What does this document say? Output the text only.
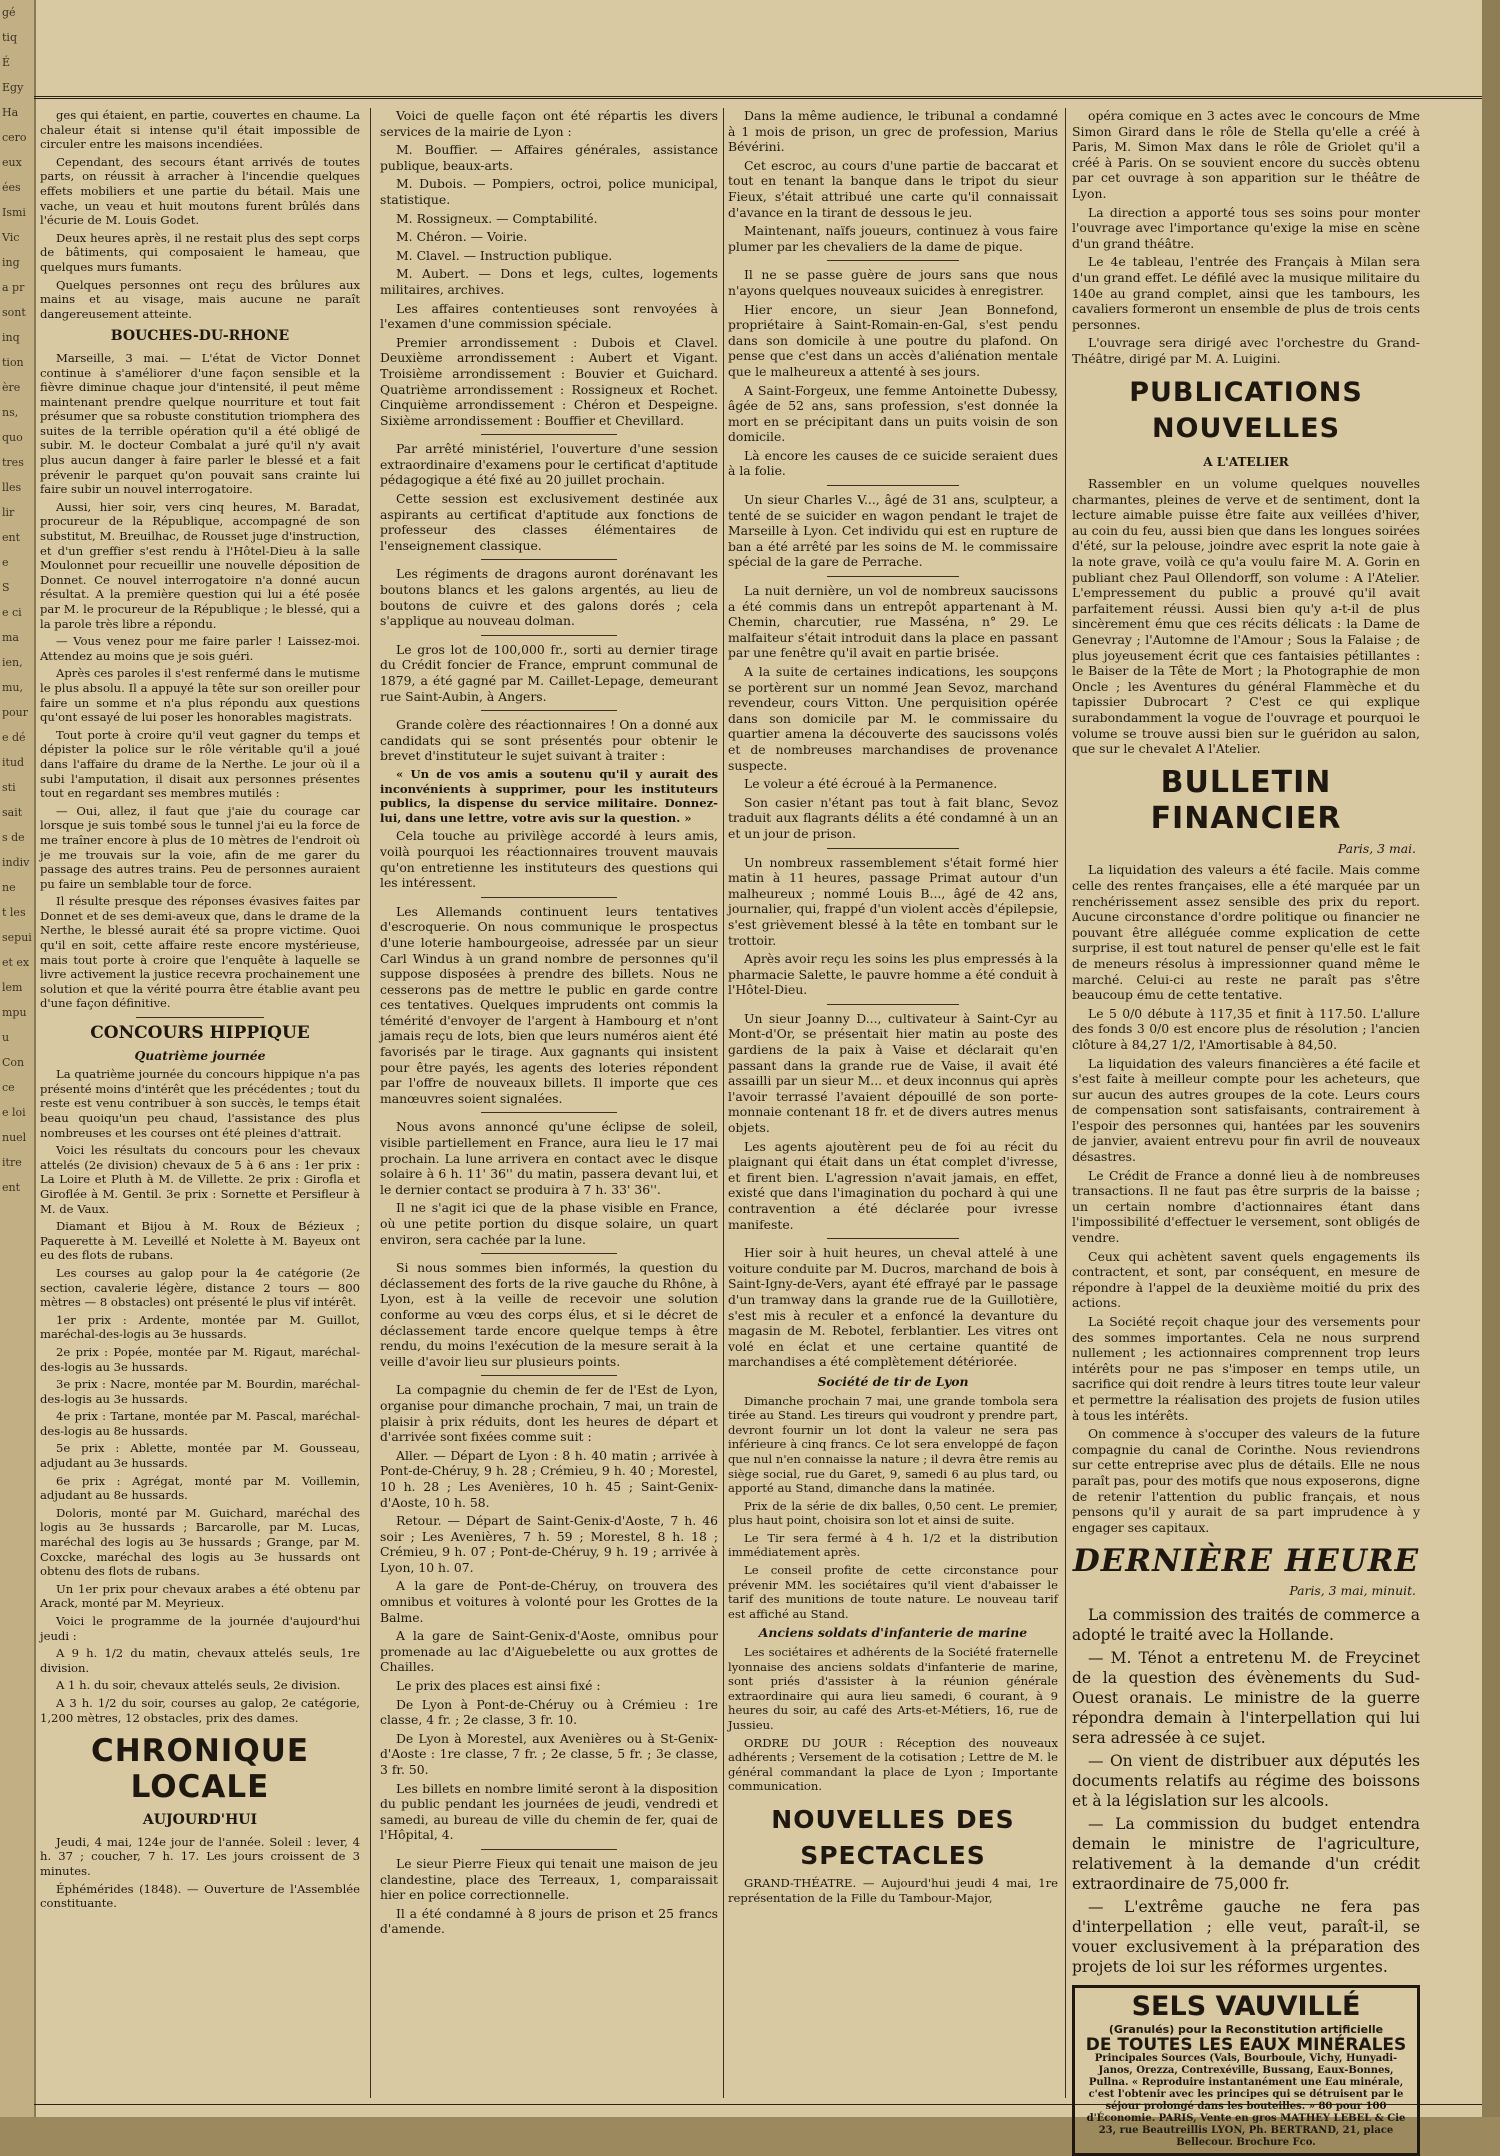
gé
tiq
É
Egy
Ha
cero
eux
ées
Ismi
Vic
ing
a pr
sont
inq
tion
ère
ns,
quo
tres
lles
lir
ent
e
S
e ci
ma
ien,
mu,
pour
e dé
itud
sti
sait
s de
indiv
ne
t les
sepui
et ex
lem
mpu
u
Con
ce
e loi
nuel
itre
ent

ges qui étaient, en partie, couvertes en chaume. La chaleur était si intense qu'il était impossible de circuler entre les maisons incendiées.

Cependant, des secours étant arrivés de toutes parts, on réussit à arracher à l'incendie quelques effets mobiliers et une partie du bétail. Mais une vache, un veau et huit moutons furent brûlés dans l'écurie de M. Louis Godet.

Deux heures après, il ne restait plus des sept corps de bâtiments, qui composaient le hameau, que quelques murs fumants.

Quelques personnes ont reçu des brûlures aux mains et au visage, mais aucune ne paraît dangereusement atteinte.

BOUCHES-DU-RHONE

Marseille, 3 mai. — L'état de Victor Donnet continue à s'améliorer d'une façon sensible et la fièvre diminue chaque jour d'intensité, il peut même maintenant prendre quelque nourriture et tout fait présumer que sa robuste constitution triomphera des suites de la terrible opération qu'il a été obligé de subir. M. le docteur Combalat a juré qu'il n'y avait plus aucun danger à faire parler le blessé et a fait prévenir le parquet qu'on pouvait sans crainte lui faire subir un nouvel interrogatoire.

Aussi, hier soir, vers cinq heures, M. Baradat, procureur de la République, accompagné de son substitut, M. Breuilhac, de Rousset juge d'instruction, et d'un greffier s'est rendu à l'Hôtel-Dieu à la salle Moulonnet pour recueillir une nouvelle déposition de Donnet. Ce nouvel interrogatoire n'a donné aucun résultat. A la première question qui lui a été posée par M. le procureur de la République ; le blessé, qui a la parole très libre a répondu.

— Vous venez pour me faire parler ! Laissez-moi. Attendez au moins que je sois guéri.

Après ces paroles il s'est renfermé dans le mutisme le plus absolu. Il a appuyé la tête sur son oreiller pour faire un somme et n'a plus répondu aux questions qu'ont essayé de lui poser les honorables magistrats.

Tout porte à croire qu'il veut gagner du temps et dépister la police sur le rôle véritable qu'il a joué dans l'affaire du drame de la Nerthe. Le jour où il a subi l'amputation, il disait aux personnes présentes tout en regardant ses membres mutilés :

— Oui, allez, il faut que j'aie du courage car lorsque je suis tombé sous le tunnel j'ai eu la force de me traîner encore à plus de 10 mètres de l'endroit où je me trouvais sur la voie, afin de me garer du passage des autres trains. Peu de personnes auraient pu faire un semblable tour de force.

Il résulte presque des réponses évasives faites par Donnet et de ses demi-aveux que, dans le drame de la Nerthe, le blessé aurait été sa propre victime. Quoi qu'il en soit, cette affaire reste encore mystérieuse, mais tout porte à croire que l'enquête à laquelle se livre activement la justice recevra prochainement une solution et que la vérité pourra être établie avant peu d'une façon définitive.

CONCOURS HIPPIQUE
Quatrième journée

La quatrième journée du concours hippique n'a pas présenté moins d'intérêt que les précédentes ; tout du reste est venu contribuer à son succès, le temps était beau quoiqu'un peu chaud, l'assistance des plus nombreuses et les courses ont été pleines d'attrait.

Voici les résultats du concours pour les chevaux attelés (2e division) chevaux de 5 à 6 ans : 1er prix : La Loire et Pluth à M. de Villette. 2e prix : Girofla et Giroflée à M. Gentil. 3e prix : Sornette et Persifleur à M. de Vaux.

Diamant et Bijou à M. Roux de Bézieux ; Paquerette à M. Leveillé et Nolette à M. Bayeux ont eu des flots de rubans.

Les courses au galop pour la 4e catégorie (2e section, cavalerie légère, distance 2 tours — 800 mètres — 8 obstacles) ont présenté le plus vif intérêt.

1er prix : Ardente, montée par M. Guillot, maréchal-des-logis au 3e hussards.

2e prix : Popée, montée par M. Rigaut, maréchal-des-logis au 3e hussards.

3e prix : Nacre, montée par M. Bourdin, maréchal-des-logis au 3e hussards.

4e prix : Tartane, montée par M. Pascal, maréchal-des-logis au 8e hussards.

5e prix : Ablette, montée par M. Gousseau, adjudant au 3e hussards.

6e prix : Agrégat, monté par M. Voillemin, adjudant au 8e hussards.

Doloris, monté par M. Guichard, maréchal des logis au 3e hussards ; Barcarolle, par M. Lucas, maréchal des logis au 3e hussards ; Grange, par M. Coxcke, maréchal des logis au 3e hussards ont obtenu des flots de rubans.

Un 1er prix pour chevaux arabes a été obtenu par Arack, monté par M. Meyrieux.

Voici le programme de la journée d'aujourd'hui jeudi :

A 9 h. 1/2 du matin, chevaux attelés seuls, 1re division.

A 1 h. du soir, chevaux attelés seuls, 2e division.

A 3 h. 1/2 du soir, courses au galop, 2e catégorie, 1,200 mètres, 12 obstacles, prix des dames.

CHRONIQUE LOCALE
AUJOURD'HUI

Jeudi, 4 mai, 124e jour de l'année. Soleil : lever, 4 h. 37 ; coucher, 7 h. 17. Les jours croissent de 3 minutes.

Éphémérides (1848). — Ouverture de l'Assemblée constituante.

Voici de quelle façon ont été répartis les divers services de la mairie de Lyon :

M. Bouffier. — Affaires générales, assistance publique, beaux-arts.

M. Dubois. — Pompiers, octroi, police municipal, statistique.

M. Rossigneux. — Comptabilité.

M. Chéron. — Voirie.

M. Clavel. — Instruction publique.

M. Aubert. — Dons et legs, cultes, logements militaires, archives.

Les affaires contentieuses sont renvoyées à l'examen d'une commission spéciale.

Premier arrondissement : Dubois et Clavel. Deuxième arrondissement : Aubert et Vigant. Troisième arrondissement : Bouvier et Guichard. Quatrième arrondissement : Rossigneux et Rochet. Cinquième arrondissement : Chéron et Despeigne. Sixième arrondissement : Bouffier et Chevillard.

Par arrêté ministériel, l'ouverture d'une session extraordinaire d'examens pour le certificat d'aptitude pédagogique a été fixé au 20 juillet prochain.

Cette session est exclusivement destinée aux aspirants au certificat d'aptitude aux fonctions de professeur des classes élémentaires de l'enseignement classique.

Les régiments de dragons auront dorénavant les boutons blancs et les galons argentés, au lieu de boutons de cuivre et des galons dorés ; cela s'applique au nouveau dolman.

Le gros lot de 100,000 fr., sorti au dernier tirage du Crédit foncier de France, emprunt communal de 1879, a été gagné par M. Caillet-Lepage, demeurant rue Saint-Aubin, à Angers.

Grande colère des réactionnaires ! On a donné aux candidats qui se sont présentés pour obtenir le brevet d'instituteur le sujet suivant à traiter :

« Un de vos amis a soutenu qu'il y aurait des inconvénients à supprimer, pour les instituteurs publics, la dispense du service militaire. Donnez-lui, dans une lettre, votre avis sur la question. »

Cela touche au privilège accordé à leurs amis, voilà pourquoi les réactionnaires trouvent mauvais qu'on entretienne les instituteurs des questions qui les intéressent.

Les Allemands continuent leurs tentatives d'escroquerie. On nous communique le prospectus d'une loterie hambourgeoise, adressée par un sieur Carl Windus à un grand nombre de personnes qu'il suppose disposées à prendre des billets. Nous ne cesserons pas de mettre le public en garde contre ces tentatives. Quelques imprudents ont commis la témérité d'envoyer de l'argent à Hambourg et n'ont jamais reçu de lots, bien que leurs numéros aient été favorisés par le tirage. Aux gagnants qui insistent pour être payés, les agents des loteries répondent par l'offre de nouveaux billets. Il importe que ces manœuvres soient signalées.

Nous avons annoncé qu'une éclipse de soleil, visible partiellement en France, aura lieu le 17 mai prochain. La lune arrivera en contact avec le disque solaire à 6 h. 11' 36'' du matin, passera devant lui, et le dernier contact se produira à 7 h. 33' 36''.

Il ne s'agit ici que de la phase visible en France, où une petite portion du disque solaire, un quart environ, sera cachée par la lune.

Si nous sommes bien informés, la question du déclassement des forts de la rive gauche du Rhône, à Lyon, est à la veille de recevoir une solution conforme au vœu des corps élus, et si le décret de déclassement tarde encore quelque temps à être rendu, du moins l'exécution de la mesure serait à la veille d'avoir lieu sur plusieurs points.

La compagnie du chemin de fer de l'Est de Lyon, organise pour dimanche prochain, 7 mai, un train de plaisir à prix réduits, dont les heures de départ et d'arrivée sont fixées comme suit :

Aller. — Départ de Lyon : 8 h. 40 matin ; arrivée à Pont-de-Chéruy, 9 h. 28 ; Crémieu, 9 h. 40 ; Morestel, 10 h. 28 ; Les Avenières, 10 h. 45 ; Saint-Genix-d'Aoste, 10 h. 58.

Retour. — Départ de Saint-Genix-d'Aoste, 7 h. 46 soir ; Les Avenières, 7 h. 59 ; Morestel, 8 h. 18 ; Crémieu, 9 h. 07 ; Pont-de-Chéruy, 9 h. 19 ; arrivée à Lyon, 10 h. 07.

A la gare de Pont-de-Chéruy, on trouvera des omnibus et voitures à volonté pour les Grottes de la Balme.

A la gare de Saint-Genix-d'Aoste, omnibus pour promenade au lac d'Aiguebelette ou aux grottes de Chailles.

Le prix des places est ainsi fixé :

De Lyon à Pont-de-Chéruy ou à Crémieu : 1re classe, 4 fr. ; 2e classe, 3 fr. 10.

De Lyon à Morestel, aux Avenières ou à St-Genix-d'Aoste : 1re classe, 7 fr. ; 2e classe, 5 fr. ; 3e classe, 3 fr. 50.

Les billets en nombre limité seront à la disposition du public pendant les journées de jeudi, vendredi et samedi, au bureau de ville du chemin de fer, quai de l'Hôpital, 4.

Le sieur Pierre Fieux qui tenait une maison de jeu clandestine, place des Terreaux, 1, comparaissait hier en police correctionnelle.

Il a été condamné à 8 jours de prison et 25 francs d'amende.

Dans la même audience, le tribunal a condamné à 1 mois de prison, un grec de profession, Marius Bévérini.

Cet escroc, au cours d'une partie de baccarat et tout en tenant la banque dans le tripot du sieur Fieux, s'était attribué une carte qu'il connaissait d'avance en la tirant de dessous le jeu.

Maintenant, naïfs joueurs, continuez à vous faire plumer par les chevaliers de la dame de pique.

Il ne se passe guère de jours sans que nous n'ayons quelques nouveaux suicides à enregistrer.

Hier encore, un sieur Jean Bonnefond, propriétaire à Saint-Romain-en-Gal, s'est pendu dans son domicile à une poutre du plafond. On pense que c'est dans un accès d'aliénation mentale que le malheureux a attenté à ses jours.

A Saint-Forgeux, une femme Antoinette Dubessy, âgée de 52 ans, sans profession, s'est donnée la mort en se précipitant dans un puits voisin de son domicile.

Là encore les causes de ce suicide seraient dues à la folie.

Un sieur Charles V..., âgé de 31 ans, sculpteur, a tenté de se suicider en wagon pendant le trajet de Marseille à Lyon. Cet individu qui est en rupture de ban a été arrêté par les soins de M. le commissaire spécial de la gare de Perrache.

La nuit dernière, un vol de nombreux saucissons a été commis dans un entrepôt appartenant à M. Chemin, charcutier, rue Masséna, n° 29. Le malfaiteur s'était introduit dans la place en passant par une fenêtre qu'il avait en partie brisée.

A la suite de certaines indications, les soupçons se portèrent sur un nommé Jean Sevoz, marchand revendeur, cours Vitton. Une perquisition opérée dans son domicile par M. le commissaire du quartier amena la découverte des saucissons volés et de nombreuses marchandises de provenance suspecte.

Le voleur a été écroué à la Permanence.

Son casier n'étant pas tout à fait blanc, Sevoz traduit aux flagrants délits a été condamné à un an et un jour de prison.

Un nombreux rassemblement s'était formé hier matin à 11 heures, passage Primat autour d'un malheureux ; nommé Louis B..., âgé de 42 ans, journalier, qui, frappé d'un violent accès d'épilepsie, s'est grièvement blessé à la tête en tombant sur le trottoir.

Après avoir reçu les soins les plus empressés à la pharmacie Salette, le pauvre homme a été conduit à l'Hôtel-Dieu.

Un sieur Joanny D..., cultivateur à Saint-Cyr au Mont-d'Or, se présentait hier matin au poste des gardiens de la paix à Vaise et déclarait qu'en passant dans la grande rue de Vaise, il avait été assailli par un sieur M... et deux inconnus qui après l'avoir terrassé l'avaient dépouillé de son porte-monnaie contenant 18 fr. et de divers autres menus objets.

Les agents ajoutèrent peu de foi au récit du plaignant qui était dans un état complet d'ivresse, et firent bien. L'agression n'avait jamais, en effet, existé que dans l'imagination du pochard à qui une contravention a été déclarée pour ivresse manifeste.

Hier soir à huit heures, un cheval attelé à une voiture conduite par M. Ducros, marchand de bois à Saint-Igny-de-Vers, ayant été effrayé par le passage d'un tramway dans la grande rue de la Guillotière, s'est mis à reculer et a enfoncé la devanture du magasin de M. Rebotel, ferblantier. Les vitres ont volé en éclat et une certaine quantité de marchandises a été complètement détériorée.

Société de tir de Lyon

Dimanche prochain 7 mai, une grande tombola sera tirée au Stand. Les tireurs qui voudront y prendre part, devront fournir un lot dont la valeur ne sera pas inférieure à cinq francs. Ce lot sera enveloppé de façon que nul n'en connaisse la nature ; il devra être remis au siège social, rue du Garet, 9, samedi 6 au plus tard, ou apporté au Stand, dimanche dans la matinée.

Prix de la série de dix balles, 0,50 cent. Le premier, plus haut point, choisira son lot et ainsi de suite.

Le Tir sera fermé à 4 h. 1/2 et la distribution immédiatement après.

Le conseil profite de cette circonstance pour prévenir MM. les sociétaires qu'il vient d'abaisser le tarif des munitions de toute nature. Le nouveau tarif est affiché au Stand.

Anciens soldats d'infanterie de marine

Les sociétaires et adhérents de la Société fraternelle lyonnaise des anciens soldats d'infanterie de marine, sont priés d'assister à la réunion générale extraordinaire qui aura lieu samedi, 6 courant, à 9 heures du soir, au café des Arts-et-Métiers, 16, rue de Jussieu.

ORDRE DU JOUR : Réception des nouveaux adhérents ; Versement de la cotisation ; Lettre de M. le général commandant la place de Lyon ; Importante communication.

NOUVELLES DES SPECTACLES

GRAND-THÉATRE. — Aujourd'hui jeudi 4 mai, 1re représentation de la Fille du Tambour-Major,

opéra comique en 3 actes avec le concours de Mme Simon Girard dans le rôle de Stella qu'elle a créé à Paris, M. Simon Max dans le rôle de Griolet qu'il a créé à Paris. On se souvient encore du succès obtenu par cet ouvrage à son apparition sur le théâtre de Lyon.

La direction a apporté tous ses soins pour monter l'ouvrage avec l'importance qu'exige la mise en scène d'un grand théâtre.

Le 4e tableau, l'entrée des Français à Milan sera d'un grand effet. Le défilé avec la musique militaire du 140e au grand complet, ainsi que les tambours, les cavaliers formeront un ensemble de plus de trois cents personnes.

L'ouvrage sera dirigé avec l'orchestre du Grand-Théâtre, dirigé par M. A. Luigini.

PUBLICATIONS NOUVELLES
A L'ATELIER

Rassembler en un volume quelques nouvelles charmantes, pleines de verve et de sentiment, dont la lecture aimable puisse être faite aux veillées d'hiver, au coin du feu, aussi bien que dans les longues soirées d'été, sur la pelouse, joindre avec esprit la note gaie à la note grave, voilà ce qu'a voulu faire M. A. Gorin en publiant chez Paul Ollendorff, son volume : A l'Atelier. L'empressement du public a prouvé qu'il avait parfaitement réussi. Aussi bien qu'y a-t-il de plus sincèrement ému que ces récits délicats : la Dame de Genevray ; l'Automne de l'Amour ; Sous la Falaise ; de plus joyeusement écrit que ces fantaisies pétillantes : le Baiser de la Tête de Mort ; la Photographie de mon Oncle ; les Aventures du général Flammèche et du tapissier Dubrocart ? C'est ce qui explique surabondamment la vogue de l'ouvrage et pourquoi le volume se trouve aussi bien sur le guéridon au salon, que sur le chevalet A l'Atelier.

BULLETIN FINANCIER
Paris, 3 mai.

La liquidation des valeurs a été facile. Mais comme celle des rentes françaises, elle a été marquée par un renchérissement assez sensible des prix du report. Aucune circonstance d'ordre politique ou financier ne pouvant être alléguée comme explication de cette surprise, il est tout naturel de penser qu'elle est le fait de meneurs résolus à impressionner quand même le marché. Celui-ci au reste ne paraît pas s'être beaucoup ému de cette tentative.

Le 5 0/0 débute à 117,35 et finit à 117.50. L'allure des fonds 3 0/0 est encore plus de résolution ; l'ancien clôture à 84,27 1/2, l'Amortisable à 84,50.

La liquidation des valeurs financières a été facile et s'est faite à meilleur compte pour les acheteurs, que sur aucun des autres groupes de la cote. Leurs cours de compensation sont satisfaisants, contrairement à l'espoir des personnes qui, hantées par les souvenirs de janvier, avaient entrevu pour fin avril de nouveaux désastres.

Le Crédit de France a donné lieu à de nombreuses transactions. Il ne faut pas être surpris de la baisse ; un certain nombre d'actionnaires étant dans l'impossibilité d'effectuer le versement, sont obligés de vendre.

Ceux qui achètent savent quels engagements ils contractent, et sont, par conséquent, en mesure de répondre à l'appel de la deuxième moitié du prix des actions.

La Société reçoit chaque jour des versements pour des sommes importantes. Cela ne nous surprend nullement ; les actionnaires comprennent trop leurs intérêts pour ne pas s'imposer en temps utile, un sacrifice qui doit rendre à leurs titres toute leur valeur et permettre la réalisation des projets de fusion utiles à tous les intérêts.

On commence à s'occuper des valeurs de la future compagnie du canal de Corinthe. Nous reviendrons sur cette entreprise avec plus de détails. Elle ne nous paraît pas, pour des motifs que nous exposerons, digne de retenir l'attention du public français, et nous pensons qu'il y aurait de sa part imprudence à y engager ses capitaux.

DERNIÈRE HEURE
Paris, 3 mai, minuit.

La commission des traités de commerce a adopté le traité avec la Hollande.

— M. Ténot a entretenu M. de Freycinet de la question des évènements du Sud-Ouest oranais. Le ministre de la guerre répondra demain à l'interpellation qui lui sera adressée à ce sujet.

— On vient de distribuer aux députés les documents relatifs au régime des boissons et à la législation sur les alcools.

— La commission du budget entendra demain le ministre de l'agriculture, relativement à la demande d'un crédit extraordinaire de 75,000 fr.

— L'extrême gauche ne fera pas d'interpellation ; elle veut, paraît-il, se vouer exclusivement à la préparation des projets de loi sur les réformes urgentes.

SELS VAUVILLÉ
(Granulés) pour la Reconstitution artificielle
DE TOUTES LES EAUX MINÉRALES
Principales Sources (Vals, Bourboule, Vichy, Hunyadi-Janos, Orezza, Contrexéville, Bussang, Eaux-Bonnes, Pullna. « Reproduire instantanément une Eau minérale, c'est l'obtenir avec les principes qui se détruisent par le séjour prolongé dans les bouteilles. » 80 pour 100 d'Économie. PARIS, Vente en gros MATHEY LEBEL & Cie 23, rue Beautreillis LYON, Ph. BERTRAND, 21, place Bellecour. Brochure Fco.
